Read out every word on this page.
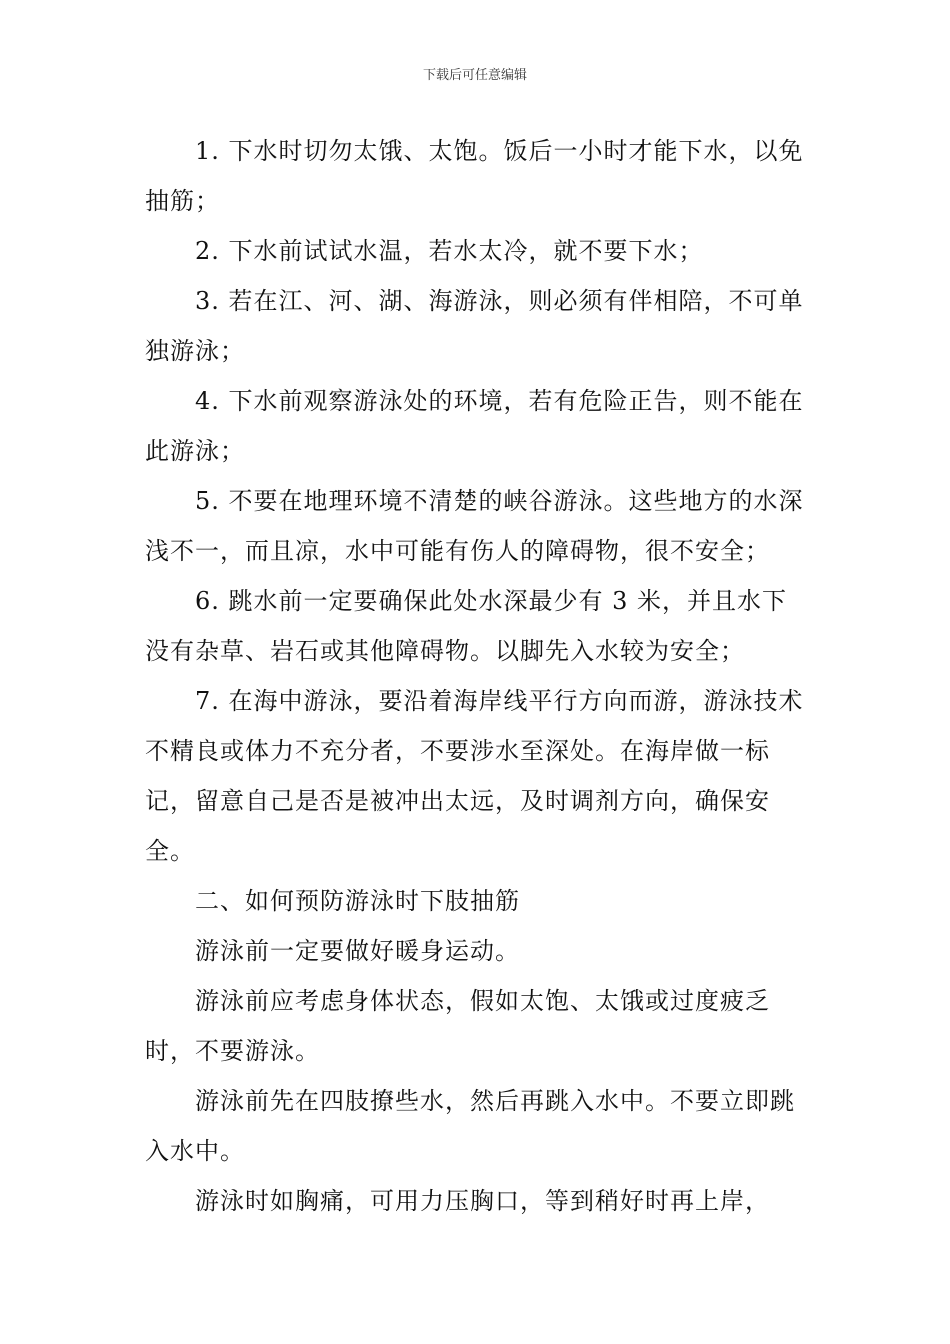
下载后可任意编辑

1. 下水时切勿太饿、太饱。饭后一小时才能下水，以免抽筋；

2. 下水前试试水温，若水太冷，就不要下水；

3. 若在江、河、湖、海游泳，则必须有伴相陪，不可单独游泳；

4. 下水前观察游泳处的环境，若有危险正告，则不能在此游泳；

5. 不要在地理环境不清楚的峡谷游泳。这些地方的水深浅不一，而且凉，水中可能有伤人的障碍物，很不安全；

6. 跳水前一定要确保此处水深最少有 3 米，并且水下没有杂草、岩石或其他障碍物。以脚先入水较为安全；

7. 在海中游泳，要沿着海岸线平行方向而游，游泳技术不精良或体力不充分者，不要涉水至深处。在海岸做一标记，留意自己是否是被冲出太远，及时调剂方向，确保安全。

二、如何预防游泳时下肢抽筋

游泳前一定要做好暖身运动。

游泳前应考虑身体状态，假如太饱、太饿或过度疲乏时，不要游泳。

游泳前先在四肢撩些水，然后再跳入水中。不要立即跳入水中。

游泳时如胸痛，可用力压胸口，等到稍好时再上岸，
